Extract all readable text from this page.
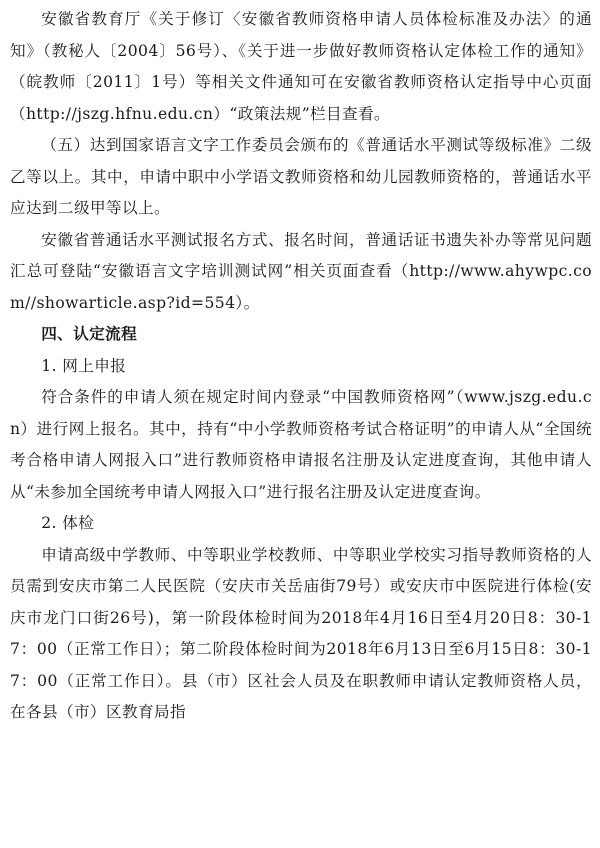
安徽省教育厅《关于修订〈安徽省教师资格申请人员体检标准及办法〉的通知》（教秘人〔2004〕56号）、《关于进一步做好教师资格认定体检工作的通知》（皖教师〔2011〕1号）等相关文件通知可在安徽省教师资格认定指导中心页面（http://jszg.hfnu.edu.cn）“政策法规”栏目查看。

（五）达到国家语言文字工作委员会颁布的《普通话水平测试等级标准》二级乙等以上。其中，申请中职中小学语文教师资格和幼儿园教师资格的，普通话水平应达到二级甲等以上。

安徽省普通话水平测试报名方式、报名时间，普通话证书遗失补办等常见问题汇总可登陆“安徽语言文字培训测试网”相关页面查看（http://www.ahywpc.com//showarticle.asp?id=554）。

四、认定流程

1. 网上申报

符合条件的申请人须在规定时间内登录“中国教师资格网”（www.jszg.edu.cn）进行网上报名。其中，持有“中小学教师资格考试合格证明”的申请人从“全国统考合格申请人网报入口”进行教师资格申请报名注册及认定进度查询，其他申请人从“未参加全国统考申请人网报入口”进行报名注册及认定进度查询。

2. 体检

申请高级中学教师、中等职业学校教师、中等职业学校实习指导教师资格的人员需到安庆市第二人民医院（安庆市关岳庙街79号）或安庆市中医院进行体检(安庆市龙门口街26号)，第一阶段体检时间为2018年4月16日至4月20日8：30-17：00（正常工作日）；第二阶段体检时间为2018年6月13日至6月15日8：30-17：00（正常工作日）。县（市）区社会人员及在职教师申请认定教师资格人员，在各县（市）区教育局指
